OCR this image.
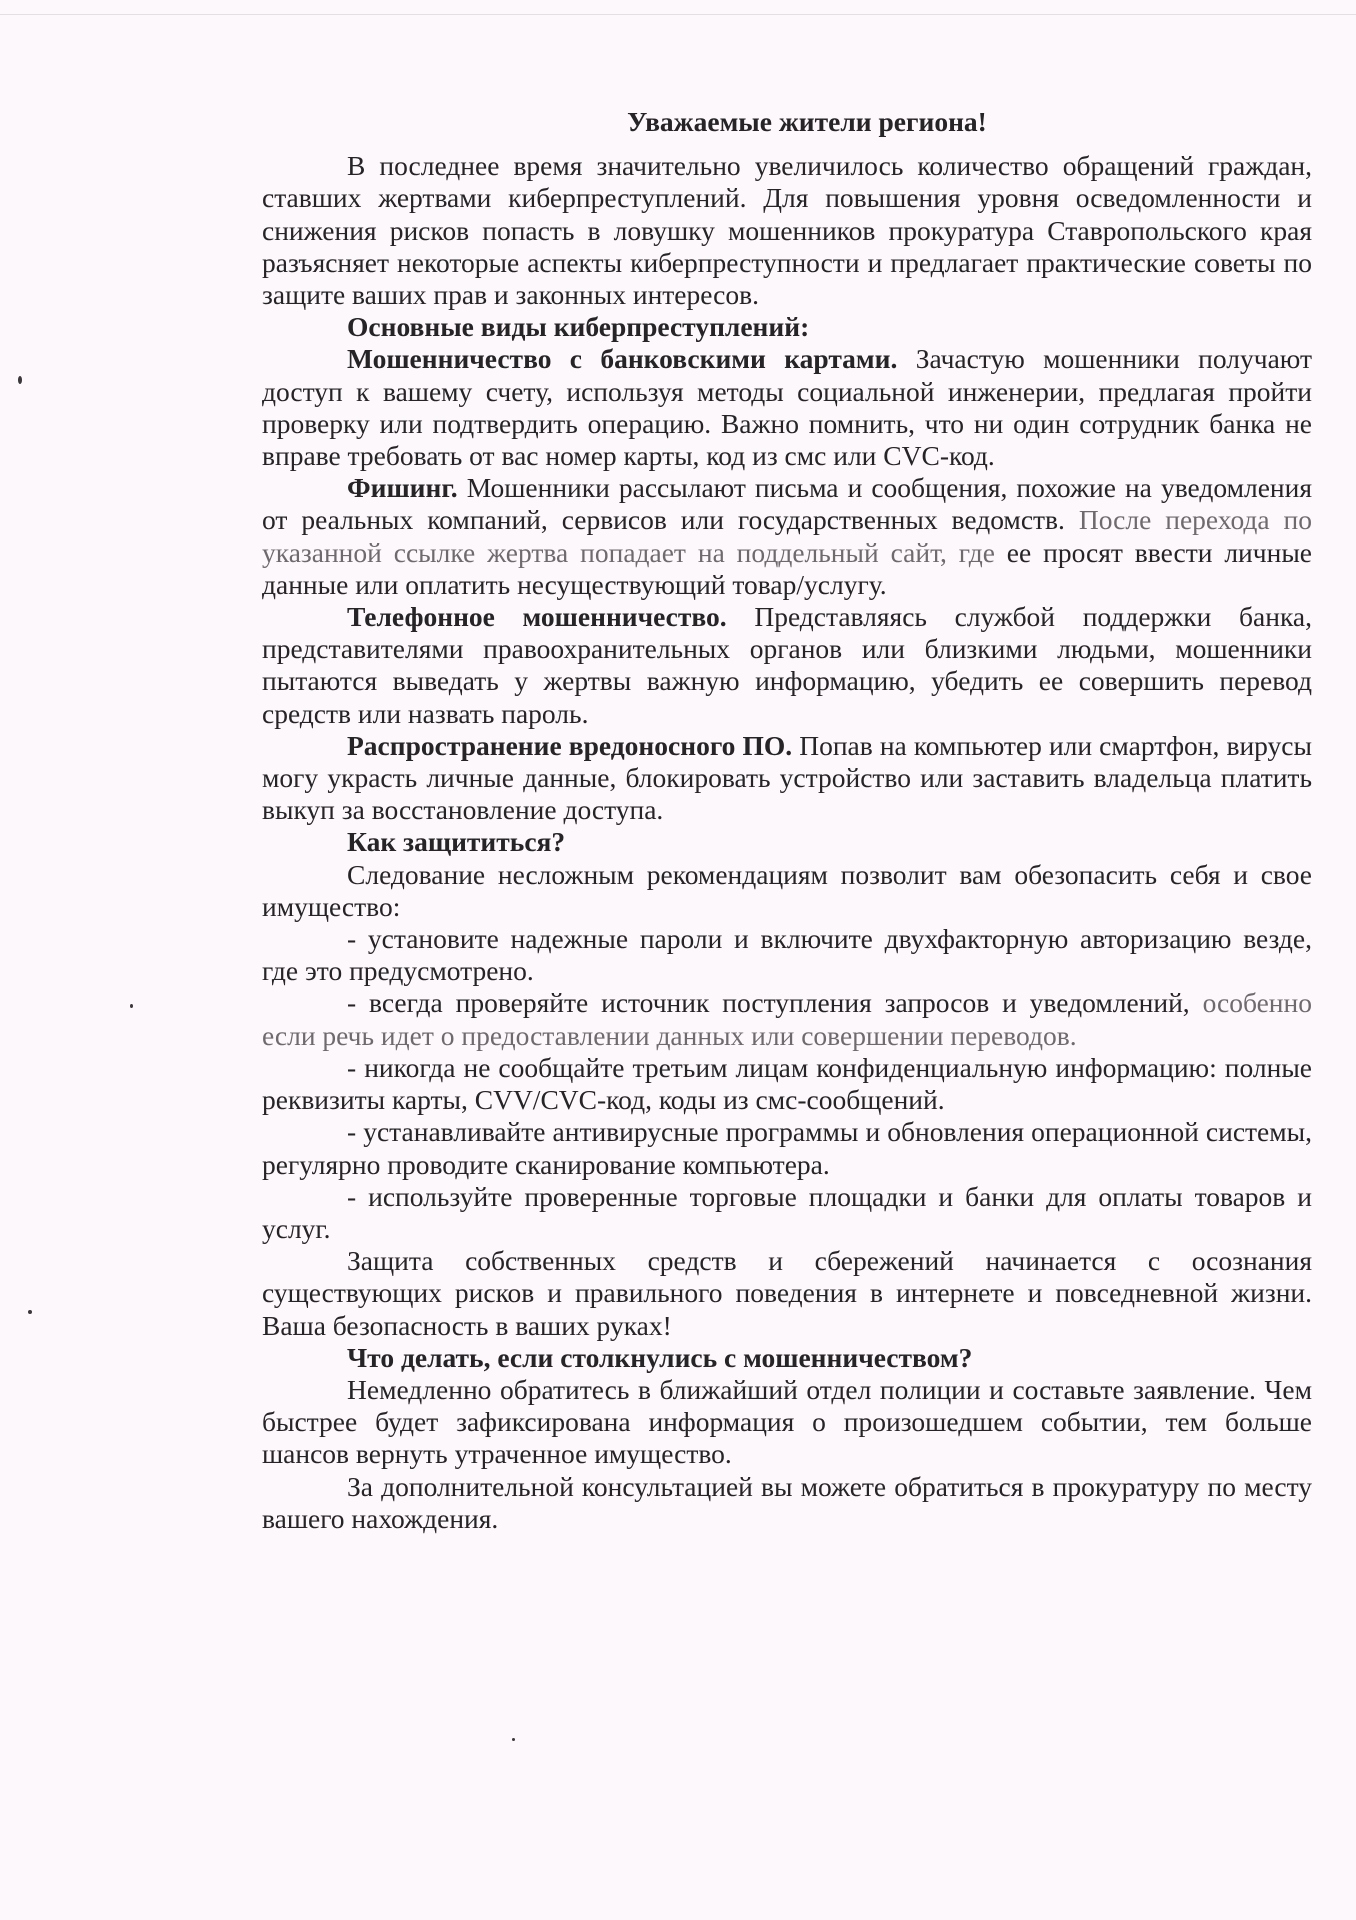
Уважаемые жители региона!

В последнее время значительно увеличилось количество обращений граждан, ставших жертвами киберпреступлений. Для повышения уровня осведомленности и снижения рисков попасть в ловушку мошенников прокуратура Ставропольского края разъясняет некоторые аспекты киберпреступности и предлагает практические советы по защите ваших прав и законных интересов.

Основные виды киберпреступлений:

Мошенничество с банковскими картами. Зачастую мошенники получают доступ к вашему счету, используя методы социальной инженерии, предлагая пройти проверку или подтвердить операцию. Важно помнить, что ни один сотрудник банка не вправе требовать от вас номер карты, код из смс или CVC-код.

Фишинг. Мошенники рассылают письма и сообщения, похожие на уведомления от реальных компаний, сервисов или государственных ведомств. После перехода по указанной ссылке жертва попадает на поддельный сайт, где ее просят ввести личные данные или оплатить несуществующий товар/услугу.

Телефонное мошенничество. Представляясь службой поддержки банка, представителями правоохранительных органов или близкими людьми, мошенники пытаются выведать у жертвы важную информацию, убедить ее совершить перевод средств или назвать пароль.

Распространение вредоносного ПО. Попав на компьютер или смартфон, вирусы могу украсть личные данные, блокировать устройство или заставить владельца платить выкуп за восстановление доступа.

Как защититься?

Следование несложным рекомендациям позволит вам обезопасить себя и свое имущество:

- установите надежные пароли и включите двухфакторную авторизацию везде, где это предусмотрено.

- всегда проверяйте источник поступления запросов и уведомлений, особенно если речь идет о предоставлении данных или совершении переводов.

- никогда не сообщайте третьим лицам конфиденциальную информацию: полные реквизиты карты, CVV/CVC-код, коды из смс-сообщений.

- устанавливайте антивирусные программы и обновления операционной системы, регулярно проводите сканирование компьютера.

- используйте проверенные торговые площадки и банки для оплаты товаров и услуг.

Защита собственных средств и сбережений начинается с осознания существующих рисков и правильного поведения в интернете и повседневной жизни. Ваша безопасность в ваших руках!

Что делать, если столкнулись с мошенничеством?

Немедленно обратитесь в ближайший отдел полиции и составьте заявление. Чем быстрее будет зафиксирована информация о произошедшем событии, тем больше шансов вернуть утраченное имущество.

За дополнительной консультацией вы можете обратиться в прокуратуру по месту вашего нахождения.
